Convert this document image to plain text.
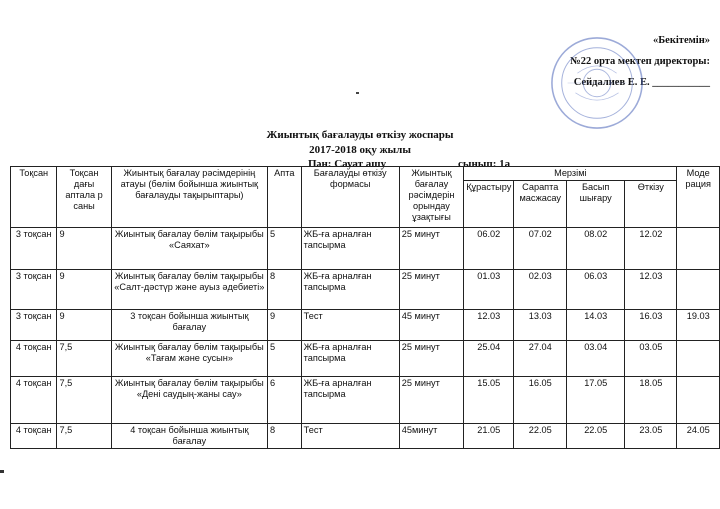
«Бекітемін»
№22 орта мектеп директоры:
Сейдалиев Е. Е. ___________
Жиынтық бағалауды өткізу жоспары
2017-2018 оқу жылы
Пән: Сауат ашу	сынып: 1а
Тоқсан	Тоқсан дағы аптала р саны	Жиынтық бағалау рәсімдерінің атауы (бөлім бойынша жиынтық бағалауды тақырыптары)	Апта	Бағалауды өткізу формасы	Жиынтық бағалау рәсімдерін орындау ұзақтығы	Мерзімі				Моде рация
						Құрастыру	Сарапта масжасау	Басып шығару	Өткізу	
3 тоқсан	9	Жиынтық бағалау бөлім тақырыбы «Саяхат»	5	ЖБ-ға арналған тапсырма	25 минут	06.02	07.02	08.02	12.02	
3 тоқсан	9	Жиынтық бағалау бөлім тақырыбы «Салт-дәстүр және ауыз әдебиеті»	8	ЖБ-ға арналған тапсырма	25 минут	01.03	02.03	06.03	12.03	
3 тоқсан	9	3 тоқсан бойынша жиынтық бағалау	9	Тест	45 минут	12.03	13.03	14.03	16.03	19.03
4 тоқсан	7,5	Жиынтық бағалау бөлім тақырыбы «Тағам және сусын»	5	ЖБ-ға арналған тапсырма	25 минут	25.04	27.04	03.04	03.05	
4 тоқсан	7,5	Жиынтық бағалау бөлім тақырыбы «Дені саудың-жаны сау»	6	ЖБ-ға арналған тапсырма	25 минут	15.05	16.05	17.05	18.05	
4 тоқсан	7,5	4 тоқсан бойынша жиынтық бағалау	8	Тест	45минут	21.05	22.05	22.05	23.05	24.05
